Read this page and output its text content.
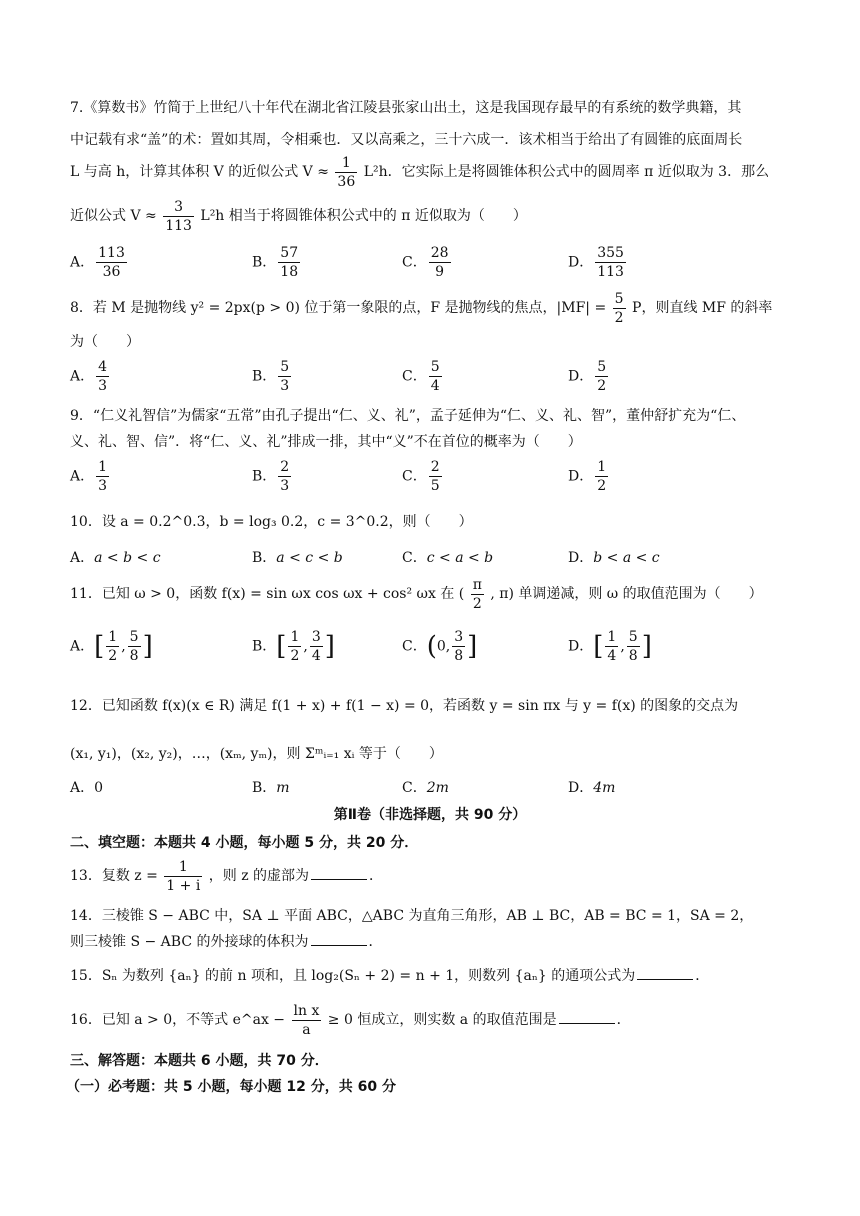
7.《算数书》竹简于上世纪八十年代在湖北省江陵县张家山出土，这是我国现存最早的有系统的数学典籍，其
中记载有求“盖”的术：置如其周，令相乘也．又以高乘之，三十六成一．该术相当于给出了有圆锥的底面周长
L 与高 h，计算其体积 V 的近似公式 $V \approx \frac{1}{36} L^2h$．它实际上是将圆锥体积公式中的圆周率 π 近似取为 3．那么
近似公式 $V \approx \frac{3}{113} L^2h$ 相当于将圆锥体积公式中的 π 近似取为（　　）
A． $\frac{113}{36}$	B． $\frac{57}{18}$	C． $\frac{28}{9}$	D． $\frac{355}{113}$
8．若 M 是抛物线 y² = 2px(p > 0) 位于第一象限的点，F 是抛物线的焦点，$|MF| = \frac{5}{2}$ P，则直线 MF 的斜率
为（　　）
A． $\frac{4}{3}$	B． $\frac{5}{3}$	C． $\frac{5}{4}$	D． $\frac{5}{2}$
9．“仁义礼智信”为儒家“五常”由孔子提出“仁、义、礼”，孟子延伸为“仁、义、礼、智”，董仲舒扩充为“仁、
义、礼、智、信”．将“仁、义、礼”排成一排，其中“义”不在首位的概率为（　　）
A． $\frac{1}{3}$	B． $\frac{2}{3}$	C． $\frac{2}{5}$	D． $\frac{1}{2}$
10．设 a = 0.2^0.3，b = log₃ 0.2，c = 3^0.2，则（　　）
A．a < b < c	B．a < c < b	C．c < a < b	D．b < a < c
11．已知 ω > 0，函数 f(x) = sin ωx cos ωx + cos² ωx 在 ( $\frac{\pi}{2}$ , π) 单调递减，则 ω 的取值范围为（　　）
A．[ $\frac{1}{2}$ , $\frac{5}{8}$ ]	B．[ $\frac{1}{2}$ , $\frac{3}{4}$ ]	C．(0, $\frac{3}{8}$ ]	D．[ $\frac{1}{4}$ , $\frac{5}{8}$ ]
12．已知函数 f(x)(x ∈ R) 满足 f(1 + x) + f(1 − x) = 0，若函数 y = sin πx 与 y = f(x) 的图象的交点为
(x₁, y₁)，(x₂, y₂)，…，(xₘ, yₘ)，则 Σᵐᵢ₌₁ xᵢ 等于（　　）
A．0	B．m	C．2m	D．4m
第Ⅱ卷（非选择题，共 90 分）
二、填空题：本题共 4 小题，每小题 5 分，共 20 分．
13．复数 $z = \frac{1}{1 + i}$ ，则 z 的虚部为	．
14．三棱锥 S − ABC 中，SA ⊥ 平面 ABC，△ABC 为直角三角形，AB ⊥ BC，AB = BC = 1，SA = 2，
则三棱锥 S − ABC 的外接球的体积为	．
15．Sₙ 为数列 {aₙ} 的前 n 项和，且 log₂(Sₙ + 2) = n + 1，则数列 {aₙ} 的通项公式为	．
16．已知 a > 0，不等式 e^ax − $\frac{\text{ln x}}{a} \ge 0$ 恒成立，则实数 a 的取值范围是	．
三、解答题：本题共 6 小题，共 70 分．
（一）必考题：共 5 小题，每小题 12 分，共 60 分
